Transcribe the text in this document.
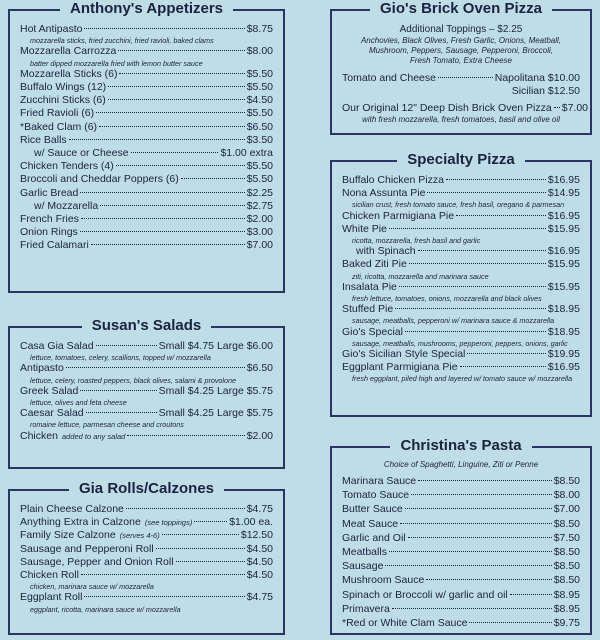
Anthony's Appetizers
Hot Antipasto	$8.75
mozzarella sticks, fried zucchini, fried ravioli, baked clams
Mozzarella Carrozza	$8.00
batter dipped mozzarella fried with lemon butter sauce
Mozzarella Sticks (6)	$5.50
Buffalo Wings (12)	$5.50
Zucchini Sticks (6)	$4.50
Fried Ravioli (6)	$5.50
*Baked Clam (6)	$6.50
Rice Balls	$3.50
w/ Sauce or Cheese	$1.00 extra
Chicken Tenders (4)	$5.50
Broccoli and Cheddar Poppers (6)	$5.50
Garlic Bread	$2.25
w/ Mozzarella	$2.75
French Fries	$2.00
Onion Rings	$3.00
Fried Calamari	$7.00
Susan's Salads
Casa Gia Salad	Small $4.75 Large $6.00
lettuce, tomatoes, celery, scallions, topped w/ mozzarella
Antipasto	$6.50
lettuce, celery, roasted peppers, black olives, salami & provolone
Greek Salad	Small $4.25 Large $5.75
lettuce, olives and feta cheese
Caesar Salad	Small $4.25 Large $5.75
romaine lettuce, parmesan cheese and croutons
Chicken added to any salad	$2.00
Gia Rolls/Calzones
Plain Cheese Calzone	$4.75
Anything Extra in Calzone (see toppings)	$1.00 ea.
Family Size Calzone (serves 4-6)	$12.50
Sausage and Pepperoni Roll	$4.50
Sausage, Pepper and Onion Roll	$4.50
Chicken Roll	$4.50
chicken, marinara sauce w/ mozzarella
Eggplant Roll	$4.75
eggplant, ricotta, marinara sauce w/ mozzarella
Gio's Brick Oven Pizza
Additional Toppings – $2.25
Anchovies, Black Olives, Fresh Garlic, Onions, Meatball,
Mushroom, Peppers, Sausage, Pepperoni, Broccoli,
Fresh Tomato, Extra Cheese
Tomato and Cheese	Napolitana $10.00
Sicilian $12.50
Our Original 12" Deep Dish Brick Oven Pizza $7.00
with fresh mozzarella, fresh tomatoes, basil and olive oil
Specialty Pizza
Buffalo Chicken Pizza	$16.95
Nona Assunta Pie	$14.95
sicilian crust, fresh tomato sauce, fresh basil, oregano & parmesan
Chicken Parmigiana Pie	$16.95
White Pie	$15.95
ricotta, mozzarella, fresh basil and garlic
with Spinach	$16.95
Baked Ziti Pie	$15.95
ziti, ricotta, mozzarella and marinara sauce
Insalata Pie	$15.95
fresh lettuce, tomatoes, onions, mozzarella and black olives
Stuffed Pie	$18.95
sausage, meatballs, pepperoni w/ marinara sauce & mozzarella
Gio's Special	$18.95
sausage, meatballs, mushrooms, pepperoni, peppers, onions, garlic
Gio's Sicilian Style Special	$19.95
Eggplant Parmigiana Pie	$16.95
fresh eggplant, piled high and layered w/ tomato sauce w/ mozzarella
Christina's Pasta
Choice of Spaghetti, Linguine, Ziti or Penne
Marinara Sauce	$8.50
Tomato Sauce	$8.00
Butter Sauce	$7.00
Meat Sauce	$8.50
Garlic and Oil	$7.50
Meatballs	$8.50
Sausage	$8.50
Mushroom Sauce	$8.50
Spinach or Broccoli w/ garlic and oil	$8.95
Primavera	$8.95
*Red or White Clam Sauce	$9.75
